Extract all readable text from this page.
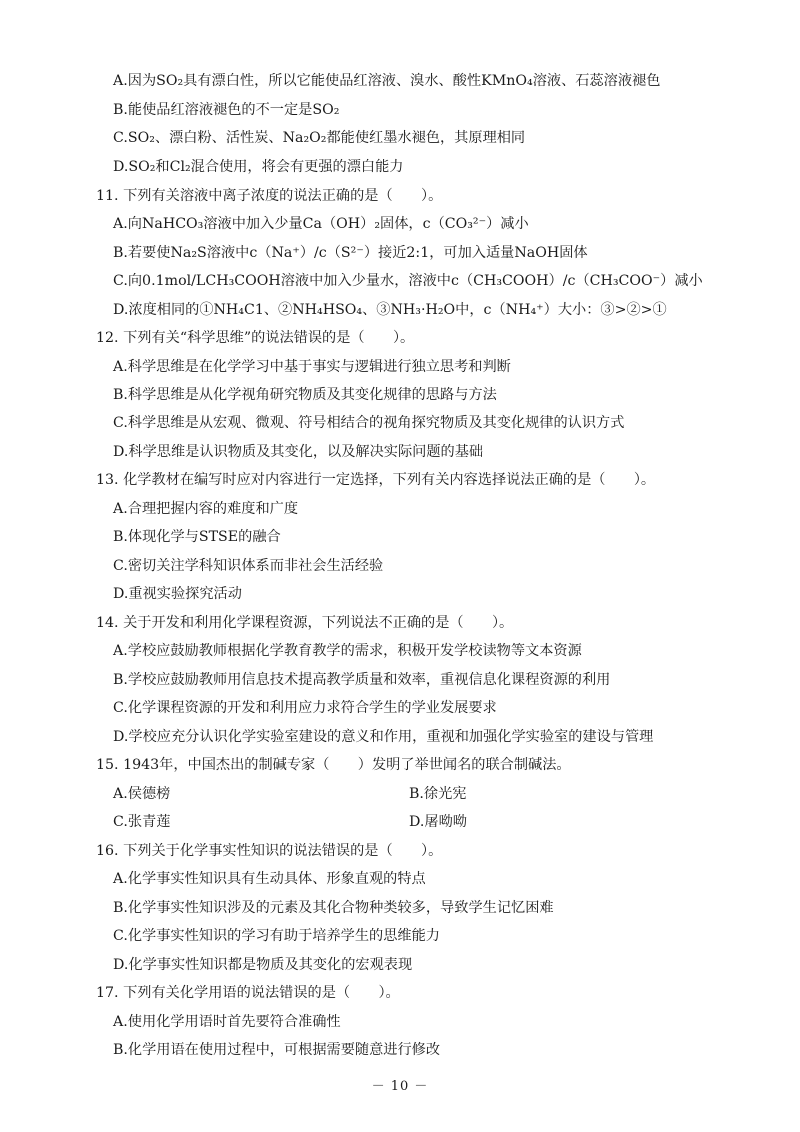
A.因为SO₂具有漂白性，所以它能使品红溶液、溴水、酸性KMnO₄溶液、石蕊溶液褪色
B.能使品红溶液褪色的不一定是SO₂
C.SO₂、漂白粉、活性炭、Na₂O₂都能使红墨水褪色，其原理相同
D.SO₂和Cl₂混合使用，将会有更强的漂白能力
11. 下列有关溶液中离子浓度的说法正确的是（　　）。
A.向NaHCO₃溶液中加入少量Ca（OH）₂固体，c（CO₃²⁻）减小
B.若要使Na₂S溶液中c（Na⁺）/c（S²⁻）接近2:1，可加入适量NaOH固体
C.向0.1mol/LCH₃COOH溶液中加入少量水，溶液中c（CH₃COOH）/c（CH₃COO⁻）减小
D.浓度相同的①NH₄C1、②NH₄HSO₄、③NH₃·H₂O中，c（NH₄⁺）大小：③>②>①
12. 下列有关“科学思维”的说法错误的是（　　）。
A.科学思维是在化学学习中基于事实与逻辑进行独立思考和判断
B.科学思维是从化学视角研究物质及其变化规律的思路与方法
C.科学思维是从宏观、微观、符号相结合的视角探究物质及其变化规律的认识方式
D.科学思维是认识物质及其变化，以及解决实际问题的基础
13. 化学教材在编写时应对内容进行一定选择，下列有关内容选择说法正确的是（　　）。
A.合理把握内容的难度和广度
B.体现化学与STSE的融合
C.密切关注学科知识体系而非社会生活经验
D.重视实验探究活动
14. 关于开发和利用化学课程资源，下列说法不正确的是（　　）。
A.学校应鼓励教师根据化学教育教学的需求，积极开发学校读物等文本资源
B.学校应鼓励教师用信息技术提高教学质量和效率，重视信息化课程资源的利用
C.化学课程资源的开发和利用应力求符合学生的学业发展要求
D.学校应充分认识化学实验室建设的意义和作用，重视和加强化学实验室的建设与管理
15. 1943年，中国杰出的制碱专家（　　）发明了举世闻名的联合制碱法。
A.侯德榜	B.徐光宪
C.张青莲	D.屠呦呦
16. 下列关于化学事实性知识的说法错误的是（　　）。
A.化学事实性知识具有生动具体、形象直观的特点
B.化学事实性知识涉及的元素及其化合物种类较多，导致学生记忆困难
C.化学事实性知识的学习有助于培养学生的思维能力
D.化学事实性知识都是物质及其变化的宏观表现
17. 下列有关化学用语的说法错误的是（　　）。
A.使用化学用语时首先要符合准确性
B.化学用语在使用过程中，可根据需要随意进行修改
－ 10 －
